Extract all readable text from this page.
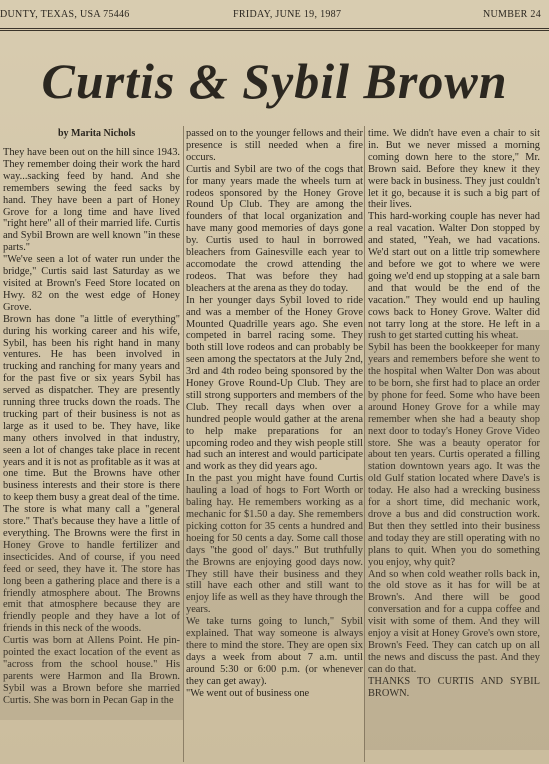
DUNTY, TEXAS, USA 75446	FRIDAY, JUNE 19, 1987	NUMBER 24
Curtis & Sybil Brown
by Marita Nichols
They have been out on the hill since 1943. They remember doing their work the hard way...sacking feed by hand. And she remembers sewing the feed sacks by hand. They have been a part of Honey Grove for a long time and have lived "right here" all of their married life. Curtis and Sybil Brown are well known "in these parts."
"We've seen a lot of water run under the bridge," Curtis said last Saturday as we visited at Brown's Feed Store located on Hwy. 82 on the west edge of Honey Grove.
Brown has done "a little of everything" during his working career and his wife, Sybil, has been his right hand in many ventures. He has been involved in trucking and ranching for many years and for the past five or six years Sybil has served as dispatcher. They are presently running three trucks down the roads. The trucking part of their business is not as large as it used to be. They have, like many others involved in that industry, seen a lot of changes take place in recent years and it is not as profitable as it was at one time. But the Browns have other business interests and their store is there to keep them busy a great deal of the time.
The store is what many call a "general store." That's because they have a little of everything. The Browns were the first in Honey Grove to handle fertilizer and insecticides. And of course, if you need feed or seed, they have it. The store has long been a gathering place and there is a friendly atmosphere about. The Browns emit that atmosphere because they are friendly people and they have a lot of friends in this neck of the woods.
Curtis was born at Allens Point. He pin-pointed the exact location of the event as "across from the school house." His parents were Harmon and Ila Brown. Sybil was a Brown before she married Curtis. She was born in Pecan Gap in the
passed on to the younger fellows and their presence is still needed when a fire occurs.
Curtis and Sybil are two of the cogs that for many years made the wheels turn at rodeos sponsored by the Honey Grove Round Up Club. They are among the founders of that local organization and have many good memories of days gone by. Curtis used to haul in borrowed bleachers from Gainesville each year to accomodate the crowd attending the rodeos. That was before they had bleachers at the arena as they do today.
In her younger days Sybil loved to ride and was a member of the Honey Grove Mounted Quadrille years ago. She even competed in barrel racing some. They both still love rodeos and can probably be seen among the spectators at the July 2nd, 3rd and 4th rodeo being sponsored by the Honey Grove Round-Up Club. They are still strong supporters and members of the Club. They recall days when over a hundred people would gather at the arena to help make preparations for an upcoming rodeo and they wish people still had such an interest and would participate and work as they did years ago.
In the past you might have found Curtis hauling a load of hogs to Fort Worth or baling hay. He remembers working as a mechanic for $1.50 a day. She remembers picking cotton for 35 cents a hundred and hoeing for 50 cents a day. Some call those days "the good ol' days." But truthfully the Browns are enjoying good days now. They still have their business and they still have each other and still want to enjoy life as well as they have through the years.
We take turns going to lunch," Sybil explained. That way someone is always there to mind the store. They are open six days a week from about 7 a.m. until around 5:30 or 6:00 p.m. (or whenever they can get away).
"We went out of business one
time. We didn't have even a chair to sit in. But we never missed a morning coming down here to the store," Mr. Brown said. Before they knew it they were back in business. They just couldn't let it go, because it is such a big part of their lives.
This hard-working couple has never had a real vacation. Walter Don stopped by and stated, "Yeah, we had vacations. We'd start out on a little trip somewhere and before we got to where we were going we'd end up stopping at a sale barn and that would be the end of the vacation." They would end up hauling cows back to Honey Grove. Walter did not tarry long at the store. He left in a rush to get started cutting his wheat.
Sybil has been the bookkeeper for many years and remembers before she went to the hospital when Walter Don was about to be born, she first had to place an order by phone for feed. Some who have been around Honey Grove for a while may remember when she had a beauty shop next door to today's Honey Grove Video store. She was a beauty operator for about ten years. Curtis operated a filling station downtown years ago. It was the old Gulf station located where Dave's is today. He also had a wrecking business for a short time, did mechanic work, drove a bus and did construction work. But then they settled into their business and today they are still operating with no plans to quit. When you do something you enjoy, why quit?
And so when cold weather rolls back in, the old stove as it has for will be at Brown's. And there will be good conversation and for a cuppa coffee and visit with some of them. And they will enjoy a visit at Honey Grove's own store, Brown's Feed. They can catch up on all the news and discuss the past. And they can do that.
THANKS TO CURTIS AND SYBIL BROWN.
